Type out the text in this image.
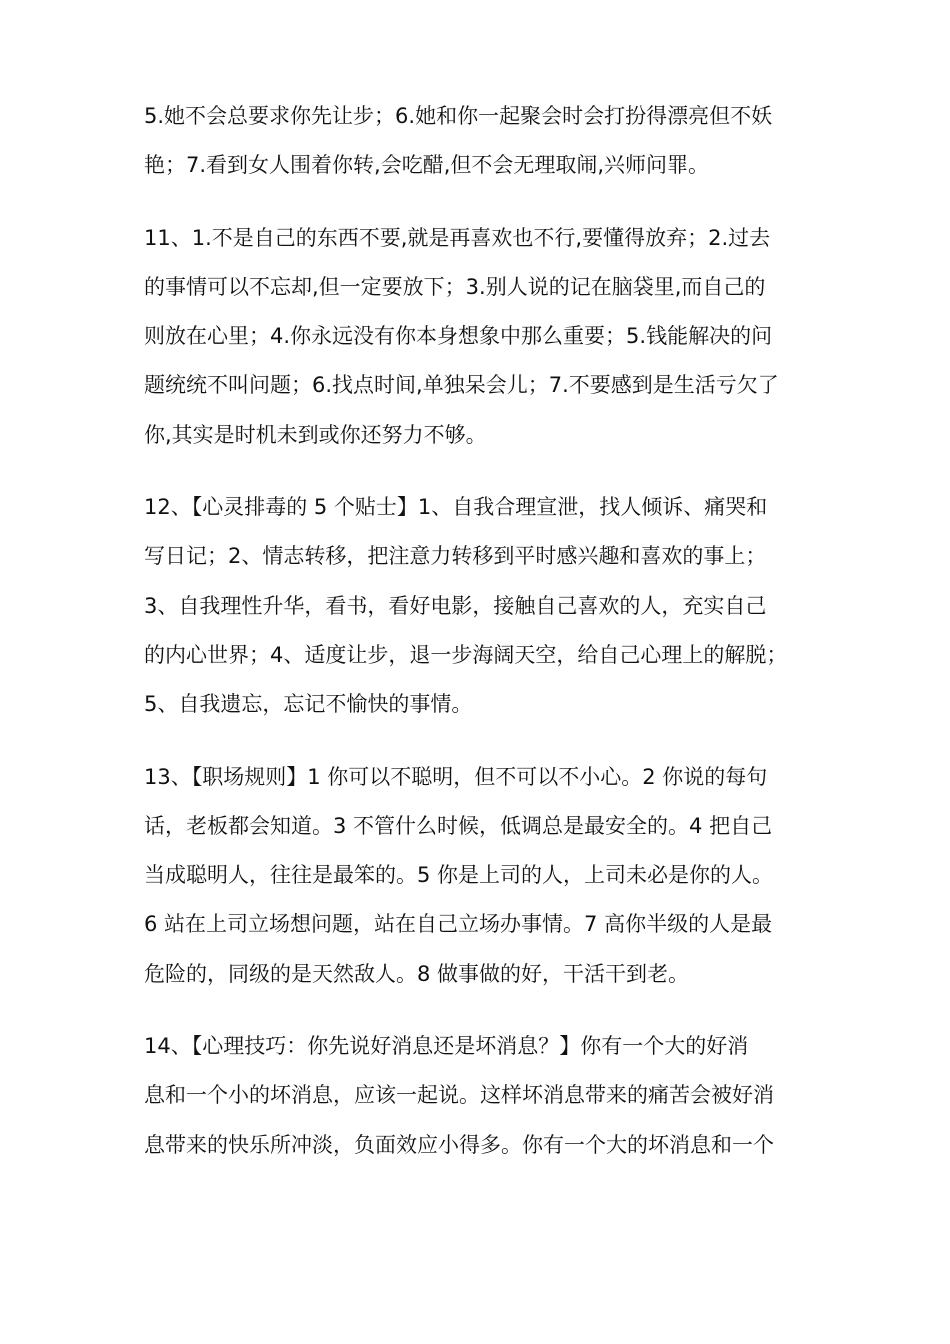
5.她不会总要求你先让步；6.她和你一起聚会时会打扮得漂亮但不妖
艳；7.看到女人围着你转,会吃醋,但不会无理取闹,兴师问罪。

11、1.不是自己的东西不要,就是再喜欢也不行,要懂得放弃；2.过去
的事情可以不忘却,但一定要放下；3.别人说的记在脑袋里,而自己的
则放在心里；4.你永远没有你本身想象中那么重要；5.钱能解决的问
题统统不叫问题；6.找点时间,单独呆会儿；7.不要感到是生活亏欠了
你,其实是时机未到或你还努力不够。

12、【心灵排毒的 5 个贴士】1、自我合理宣泄，找人倾诉、痛哭和
写日记；2、情志转移，把注意力转移到平时感兴趣和喜欢的事上；
3、自我理性升华，看书，看好电影，接触自己喜欢的人，充实自己
的内心世界；4、适度让步，退一步海阔天空，给自己心理上的解脱；
5、自我遗忘，忘记不愉快的事情。

13、【职场规则】1 你可以不聪明，但不可以不小心。2 你说的每句
话，老板都会知道。3 不管什么时候，低调总是最安全的。4 把自己
当成聪明人，往往是最笨的。5 你是上司的人，上司未必是你的人。
6 站在上司立场想问题，站在自己立场办事情。7 高你半级的人是最
危险的，同级的是天然敌人。8 做事做的好，干活干到老。

14、【心理技巧：你先说好消息还是坏消息？】你有一个大的好消
息和一个小的坏消息，应该一起说。这样坏消息带来的痛苦会被好消
息带来的快乐所冲淡，负面效应小得多。你有一个大的坏消息和一个
